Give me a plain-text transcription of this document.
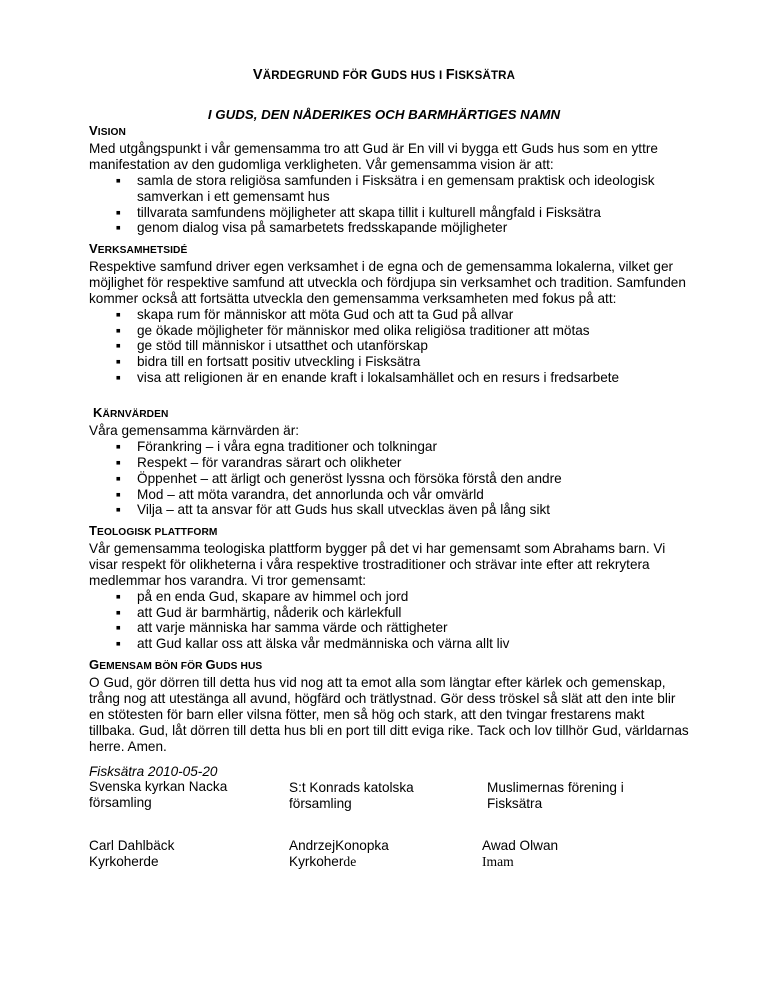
VÄRDEGRUND FÖR GUDS HUS I FISKSÄTRA
I GUDS, DEN NÅDERIKES OCH BARMHÄRTIGES NAMN
VISION

Med utgångspunkt i vår gemensamma tro att Gud är En vill vi bygga ett Guds hus som en yttre manifestation av den gudomliga verkligheten. Vår gemensamma vision är att:

■ samla de stora religiösa samfunden i Fisksätra i en gemensam praktisk och ideologisk samverkan i ett gemensamt hus
■ tillvarata samfundens möjligheter att skapa tillit i kulturell mångfald i Fisksätra
■ genom dialog visa på samarbetets fredsskapande möjligheter
VERKSAMHETSIDÉ

Respektive samfund driver egen verksamhet i de egna och de gemensamma lokalerna, vilket ger möjlighet för respektive samfund att utveckla och fördjupa sin verksamhet och tradition. Samfunden kommer också att fortsätta utveckla den gemensamma verksamheten med fokus på att:

■ skapa rum för människor att möta Gud och att ta Gud på allvar
■ ge ökade möjligheter för människor med olika religiösa traditioner att mötas
■ ge stöd till människor i utsatthet och utanförskap
■ bidra till en fortsatt positiv utveckling i Fisksätra
■ visa att religionen är en enande kraft i lokalsamhället och en resurs i fredsarbete
KÄRNVÄRDEN

Våra gemensamma kärnvärden är:

■ Förankring – i våra egna traditioner och tolkningar
■ Respekt – för varandras särart och olikheter
■ Öppenhet – att ärligt och generöst lyssna och försöka förstå den andre
■ Mod – att möta varandra, det annorlunda och vår omvärld
■ Vilja – att ta ansvar för att Guds hus skall utvecklas även på lång sikt
TEOLOGISK PLATTFORM

Vår gemensamma teologiska plattform bygger på det vi har gemensamt som Abrahams barn. Vi visar respekt för olikheterna i våra respektive trostraditioner och strävar inte efter att rekrytera medlemmar hos varandra. Vi tror gemensamt:

■ på en enda Gud, skapare av himmel och jord
■ att Gud är barmhärtig, nåderik och kärlekfull
■ att varje människa har samma värde och rättigheter
■ att Gud kallar oss att älska vår medmänniska och värna allt liv
GEMENSAM BÖN FÖR GUDS HUS

O Gud, gör dörren till detta hus vid nog att ta emot alla som längtar efter kärlek och gemenskap, trång nog att utestänga all avund, högfärd och trätlystnad. Gör dess tröskel så slät att den inte blir en stötesten för barn eller vilsna fötter, men så hög och stark, att den tvingar frestarens makt tillbaka. Gud, låt dörren till detta hus bli en port till ditt eviga rike. Tack och lov tillhör Gud, världarnas herre. Amen.

Fisksätra 2010-05-20
Svenska kyrkan Nacka
församling
S:t Konrads katolska
församling
Muslimernas förening i
Fisksätra
Carl Dahlbäck
Kyrkoherde
AndrzejKonopka
Kyrkoherde
Awad Olwan
Imam
